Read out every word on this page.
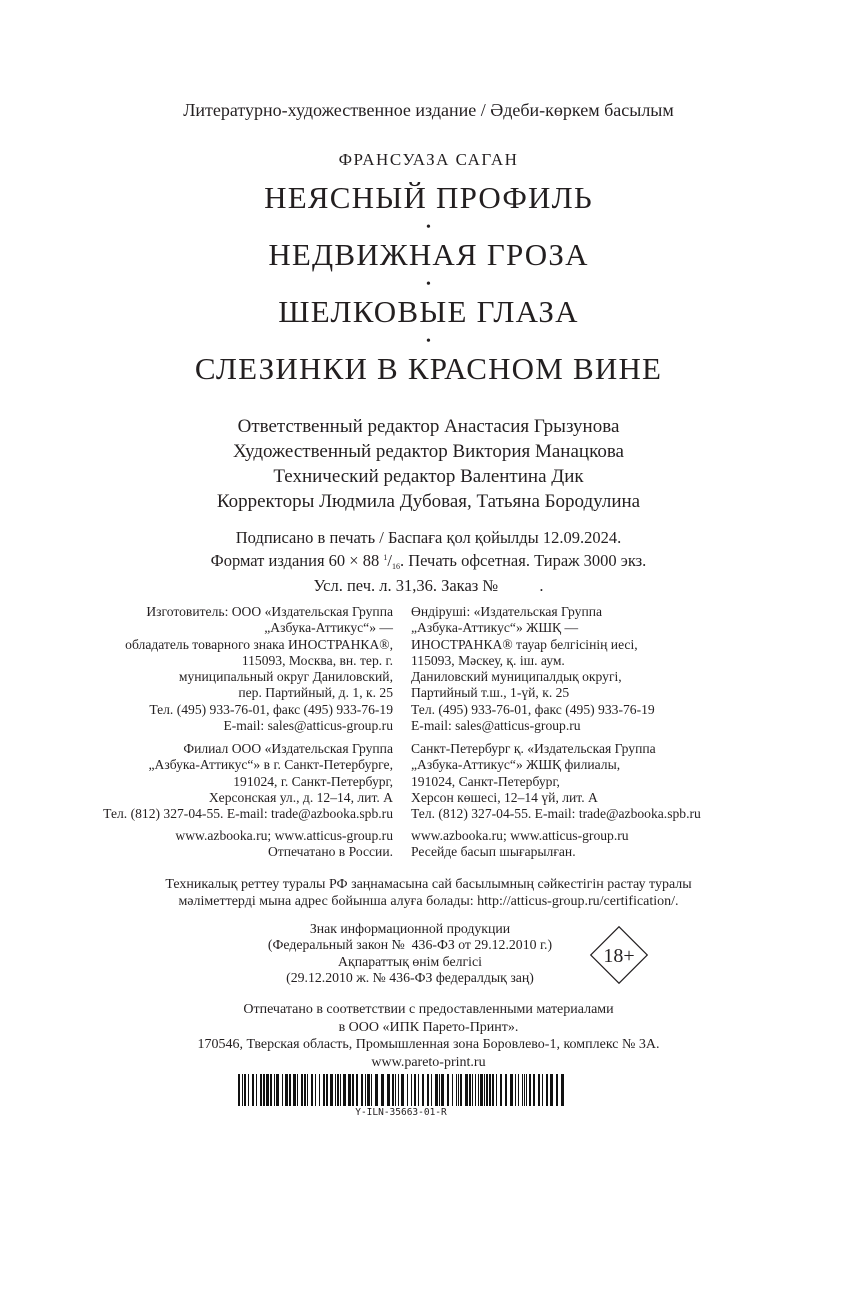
Литературно-художественное издание / Әдеби-көркем басылым
ФРАНСУАЗА САГАН
НЕЯСНЫЙ ПРОФИЛЬ
•
НЕДВИЖНАЯ ГРОЗА
•
ШЕЛКОВЫЕ ГЛАЗА
•
СЛЕЗИНКИ В КРАСНОМ ВИНЕ
Ответственный редактор Анастасия Грызунова
Художественный редактор Виктория Манацкова
Технический редактор Валентина Дик
Корректоры Людмила Дубовая, Татьяна Бородулина
Подписано в печать / Баспаға қол қойылды 12.09.2024.
Формат издания 60 × 88 $^1/_{16}$. Печать офсетная. Тираж 3000 экз.
Усл. печ. л. 31,36. Заказ №          .
Изготовитель: ООО «Издательская Группа
„Азбука-Аттикус“» —
обладатель товарного знака ИНОСТРАНКА®,
115093, Москва, вн. тер. г.
муниципальный округ Даниловский,
пер. Партийный, д. 1, к. 25
Тел. (495) 933-76-01, факс (495) 933-76-19
E-mail: sales@atticus-group.ru
Өндіруші: «Издательская Группа
„Азбука-Аттикус“» ЖШҚ —
ИНОСТРАНКА® тауар белгісінің иесі,
115093, Мәскеу, қ. іш. аум.
Даниловский муниципалдық округі,
Партийный т.ш., 1-үй, к. 25
Тел. (495) 933-76-01, факс (495) 933-76-19
E-mail: sales@atticus-group.ru
Филиал ООО «Издательская Группа
„Азбука-Аттикус“» в г. Санкт-Петербурге,
191024, г. Санкт-Петербург,
Херсонская ул., д. 12–14, лит. А
Тел. (812) 327-04-55. E-mail: trade@azbooka.spb.ru
Санкт-Петербург қ. «Издательская Группа
„Азбука-Аттикус“» ЖШҚ филиалы,
191024, Санкт-Петербург,
Херсон көшесі, 12–14 үй, лит. А
Тел. (812) 327-04-55. E-mail: trade@azbooka.spb.ru
www.azbooka.ru; www.atticus-group.ru
Отпечатано в России.
www.azbooka.ru; www.atticus-group.ru
Ресейде басып шығарылған.
Техникалық реттеу туралы РФ заңнамасына сай басылымның сәйкестігін растау туралы
мәліметтерді мына адрес бойынша алуға болады: http://atticus-group.ru/certification/.
Знак информационной продукции
(Федеральный закон №  436-ФЗ от 29.12.2010 г.)
Ақпараттық өнім белгісі
(29.12.2010 ж. № 436-ФЗ федералдық заң)
18+
Отпечатано в соответствии с предоставленными материалами
в ООО «ИПК Парето-Принт».
170546, Тверская область, Промышленная зона Боровлево-1, комплекс № 3А.
www.pareto-print.ru
Y-ILN-35663-01-R
